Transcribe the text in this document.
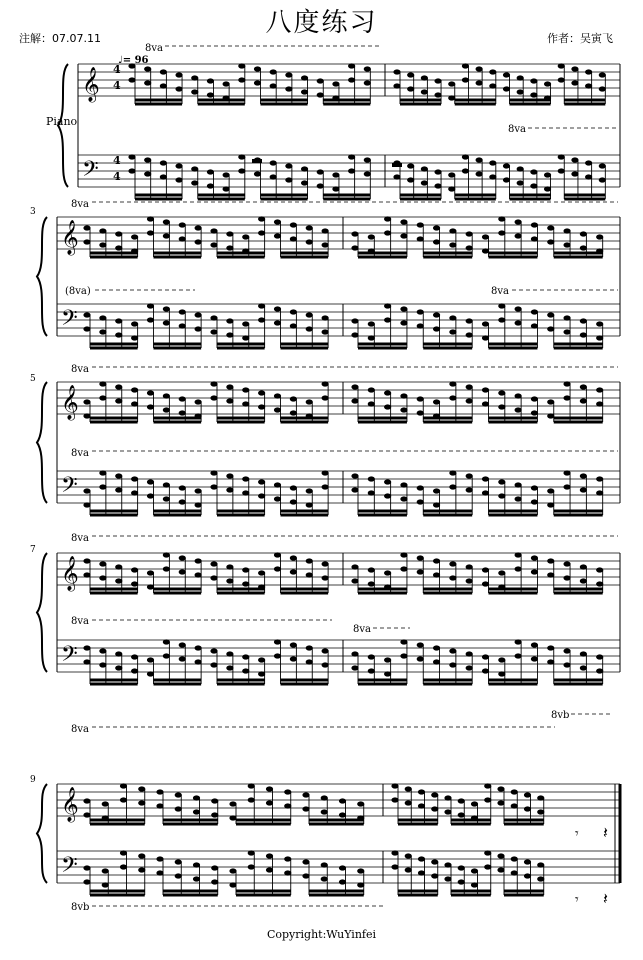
八度练习
注解：07.07.11	作者：吴寅飞
Piano
Copyright:WuYinfei
𝄞
𝄢
8va
8va
𝄞
𝄢
8va
(8va)	8va
𝄞
𝄢
8va
8va
𝄞
𝄢
8va
8va
8va
8vb
𝄞
𝄢
8va
8vb
𝄾 𝄽
𝄾 𝄽
4
4
4
4
♩= 96
3
5
7
9
